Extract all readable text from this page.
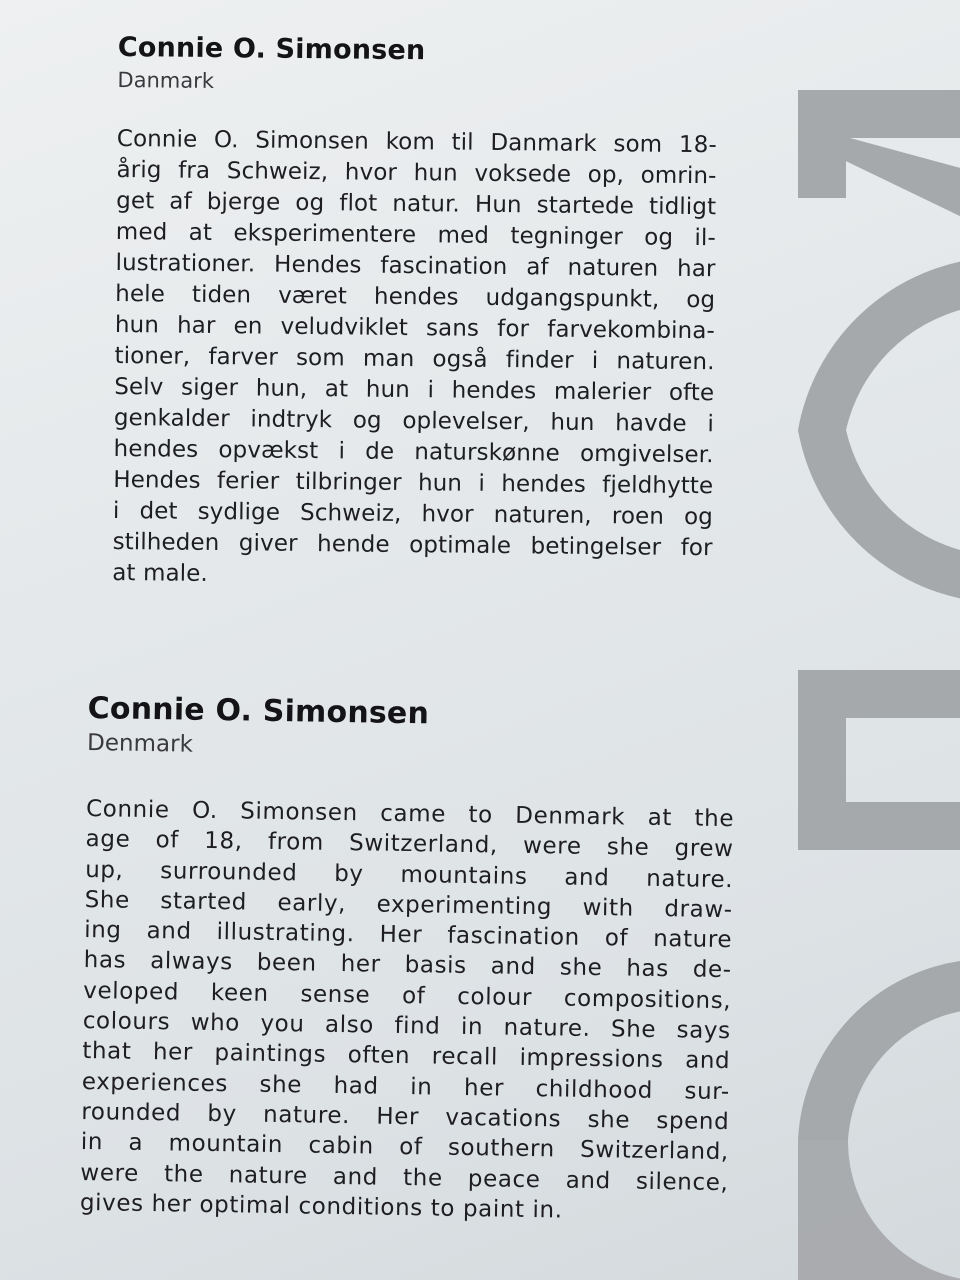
Connie O. Simonsen

Danmark

Connie O. Simonsen kom til Danmark som 18-
årig fra Schweiz, hvor hun voksede op, omrin-
get af bjerge og flot natur. Hun startede tidligt
med at eksperimentere med tegninger og il-
lustrationer. Hendes fascination af naturen har
hele tiden været hendes udgangspunkt, og
hun har en veludviklet sans for farvekombina-
tioner, farver som man også finder i naturen.
Selv siger hun, at hun i hendes malerier ofte
genkalder indtryk og oplevelser, hun havde i
hendes opvækst i de naturskønne omgivelser.
Hendes ferier tilbringer hun i hendes fjeldhytte
i det sydlige Schweiz, hvor naturen, roen og
stilheden giver hende optimale betingelser for
at male.
Connie O. Simonsen

Denmark

Connie O. Simonsen came to Denmark at the
age of 18, from Switzerland, were she grew
up, surrounded by mountains and nature.
She started early, experimenting with draw-
ing and illustrating. Her fascination of nature
has always been her basis and she has de-
veloped keen sense of colour compositions,
colours who you also find in nature. She says
that her paintings often recall impressions and
experiences she had in her childhood sur-
rounded by nature. Her vacations she spend
in a mountain cabin of southern Switzerland,
were the nature and the peace and silence,
gives her optimal conditions to paint in.
